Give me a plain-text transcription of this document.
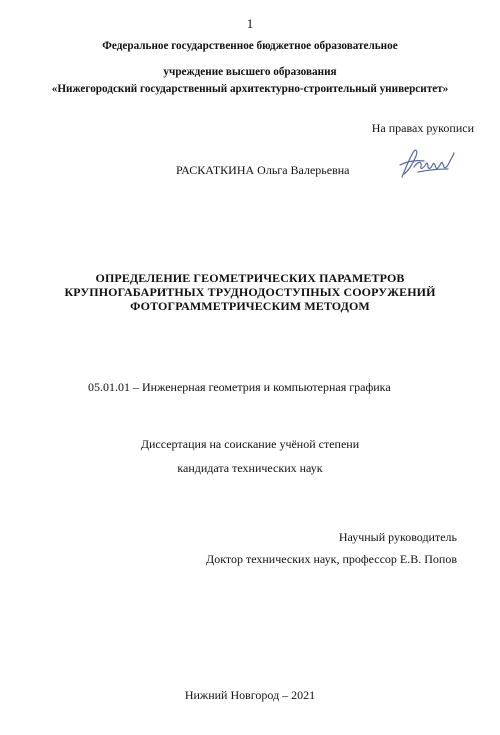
1
Федеральное государственное бюджетное образовательное
учреждение высшего образования
«Нижегородский государственный архитектурно-строительный университет»
На правах рукописи
РАСКАТКИНА Ольга Валерьевна
ОПРЕДЕЛЕНИЕ ГЕОМЕТРИЧЕСКИХ ПАРАМЕТРОВ
КРУПНОГАБАРИТНЫХ ТРУДНОДОСТУПНЫХ СООРУЖЕНИЙ
ФОТОГРАММЕТРИЧЕСКИМ МЕТОДОМ
05.01.01 – Инженерная геометрия и компьютерная графика
Диссертация на соискание учёной степени
кандидата технических наук
Научный руководитель
Доктор технических наук, профессор Е.В. Попов
Нижний Новгород – 2021
